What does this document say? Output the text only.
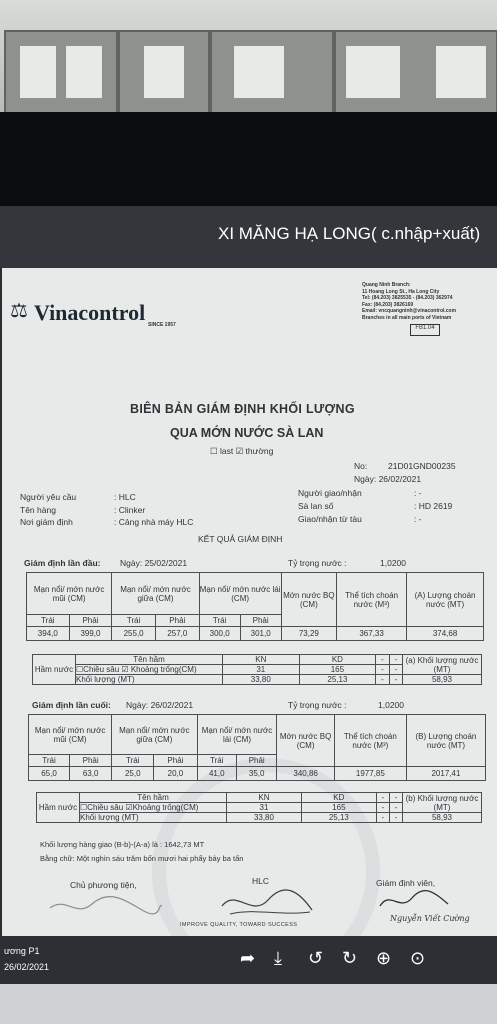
XI MĂNG HẠ LONG( c.nhập+xuất)
⚖ Vinacontrol SINCE 1957
Quang Ninh Branch:
11 Hoang Long St., Ha Long City
Tel: (84.203) 3825535 - (84.203) 362974
Fax: (84.203) 3826169
Email: vncquangninh@vinacontrol.com
Branches in all main ports of Vietnam
FB1.04
BIÊN BẢN GIÁM ĐỊNH KHỐI LƯỢNG
QUA MỚN NƯỚC SÀ LAN
☐ last ☑ thường
No: 21D01GND00235
Ngày: 26/02/2021
Người yêu cầu	: HLC
Tên hàng	: Clinker
Nơi giám định	: Cảng nhà máy HLC
Người giao/nhận	: -
Sà lan số	: HD 2619
Giao/nhận từ tàu	: -
KẾT QUẢ GIÁM ĐỊNH
Giám định lần đầu: Ngày: 25/02/2021	Tỷ trọng nước :	1,0200
Mạn nổi/ mớn nước mũi (CM)		Mạn nổi/ mớn nước giữa (CM)		Mạn nổi/ mớn nước lái (CM)		Mớn nước BQ (CM)	Thể tích choán nước (M³)	(A) Lượng choán nước (MT)
Trái	Phải	Trái	Phải	Trái	Phải			
394,0	399,0	255,0	257,0	300,0	301,0	73,29	367,33	374,68
Hầm nước	Tên hầm	KN	KD	-	-	(a) Khối lượng nước (MT)
	☐Chiều sâu ☑ Khoảng trống(CM)	31	165	-	-	
	Khối lượng (MT)	33,80	25,13	-	-	58,93
Giám định lần cuối: Ngày: 26/02/2021	Tỷ trọng nước :	1,0200
Mạn nổi/ mớn nước mũi (CM)		Mạn nổi/ mớn nước giữa (CM)		Mạn nổi/ mớn nước lái (CM)		Mớn nước BQ (CM)	Thể tích choán nước (M³)	(B) Lượng choán nước (MT)
Trái	Phải	Trái	Phải	Trái	Phải			
65,0	63,0	25,0	20,0	41,0	35,0	340,86	1977,85	2017,41
Hầm nước	Tên hầm	KN	KD	-	-	(b) Khối lượng nước (MT)
	☐Chiều sâu ☑Khoảng trống(CM)	31	165	-	-	
	Khối lượng (MT)	33,80	25,13	-	-	58,93
Khối lượng hàng giao (B-b)-(A-a) là : 1642,73 MT
Bằng chữ: Một nghìn sáu trăm bốn mươi hai phẩy bảy ba tấn
Chủ phương tiện,	HLC	Giám định viên,
IMPROVE QUALITY, TOWARD SUCCESS
Nguyễn Viết Cường
ương P1
26/02/2021	➦ ⤓ ↺ ↻ ⊕ ⊙
